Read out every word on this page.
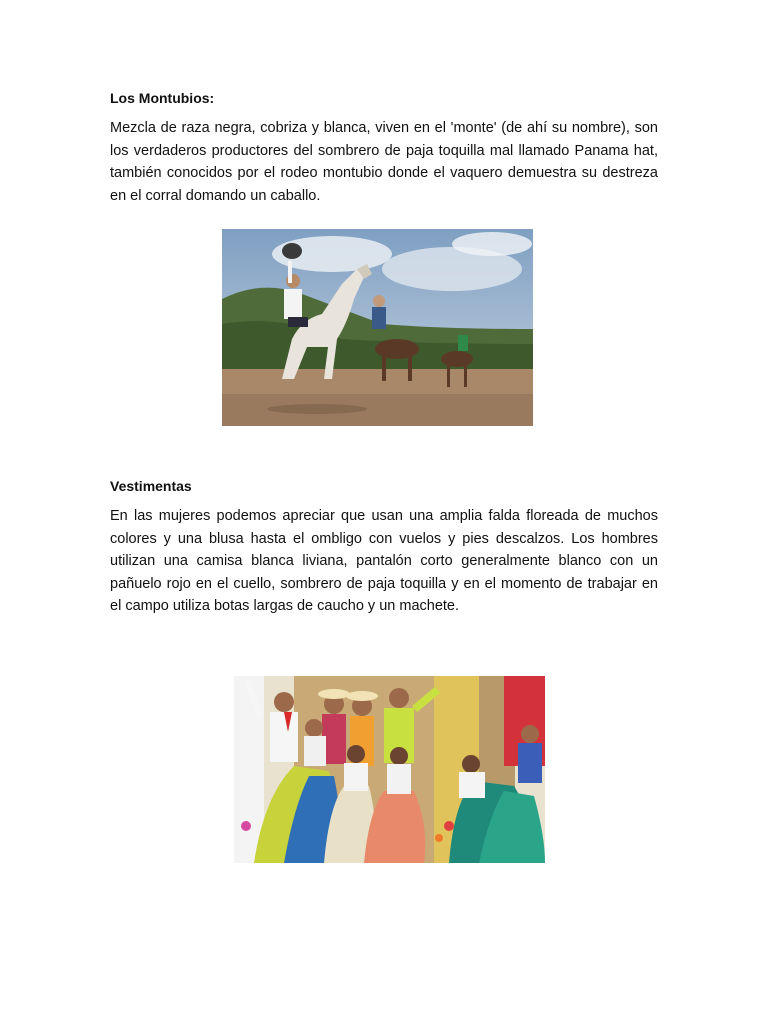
Los Montubios:
Mezcla de raza negra, cobriza y blanca, viven en el 'monte' (de ahí su nombre), son los verdaderos productores del sombrero de paja toquilla mal llamado Panama hat, también conocidos por el rodeo montubio donde el vaquero demuestra su destreza en el corral domando un caballo.
Vestimentas
En las mujeres podemos apreciar que usan una amplia falda floreada de muchos colores y una blusa hasta el ombligo con vuelos y pies descalzos. Los hombres utilizan una camisa blanca liviana, pantalón corto generalmente blanco con un pañuelo rojo en el cuello, sombrero de paja toquilla y en el momento de trabajar en el campo utiliza botas largas de caucho y un machete.
